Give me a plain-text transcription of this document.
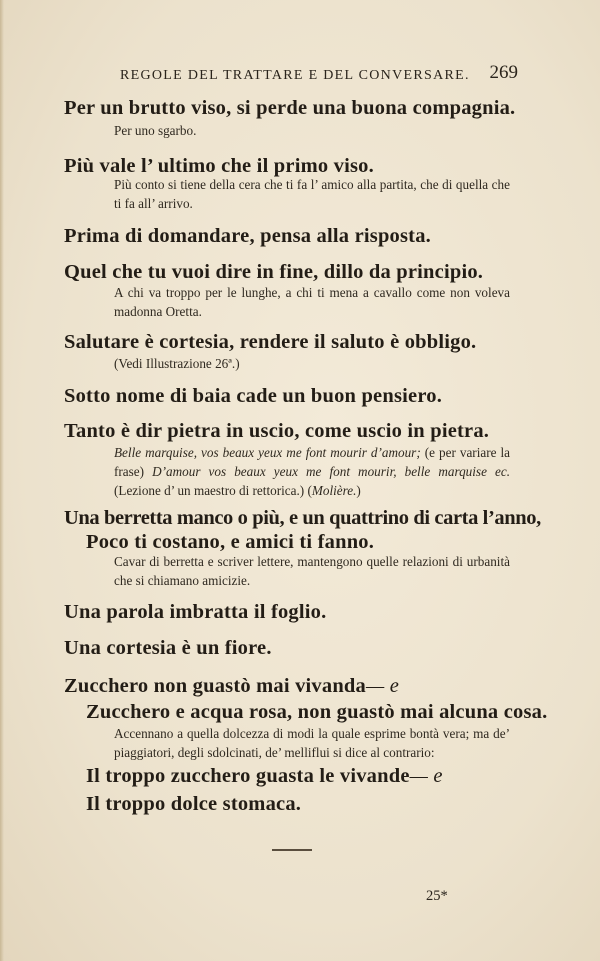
REGOLE DEL TRATTARE E DEL CONVERSARE. 269
Per un brutto viso, si perde una buona compagnia.
Per uno sgarbo.
Più vale l’ ultimo che il primo viso.
Più conto si tiene della cera che ti fa l’ amico alla partita, che di quella che ti fa all’ arrivo.
Prima di domandare, pensa alla risposta.
Quel che tu vuoi dire in fine, dillo da principio.
A chi va troppo per le lunghe, a chi ti mena a cavallo come non voleva madonna Oretta.
Salutare è cortesia, rendere il saluto è obbligo.
(Vedi Illustrazione 26ª.)
Sotto nome di baia cade un buon pensiero.
Tanto è dir pietra in uscio, come uscio in pietra.
Belle marquise, vos beaux yeux me font mourir d’amour; (e per variare la frase) D’amour vos beaux yeux me font mourir, belle marquise ec. (Lezione d’ un maestro di rettorica.) (Molière.)
Una berretta manco o più, e un quattrino di carta l’anno,
Poco ti costano, e amici ti fanno.
Cavar di berretta e scriver lettere, mantengono quelle relazioni di urbanità che si chiamano amicizie.
Una parola imbratta il foglio.
Una cortesia è un fiore.
Zucchero non guastò mai vivanda— e
Zucchero e acqua rosa, non guastò mai alcuna cosa.
Accennano a quella dolcezza di modi la quale esprime bontà vera; ma de’ piaggiatori, degli sdolcinati, de’ melliflui si dice al contrario:
Il troppo zucchero guasta le vivande— e
Il troppo dolce stomaca.
25*
